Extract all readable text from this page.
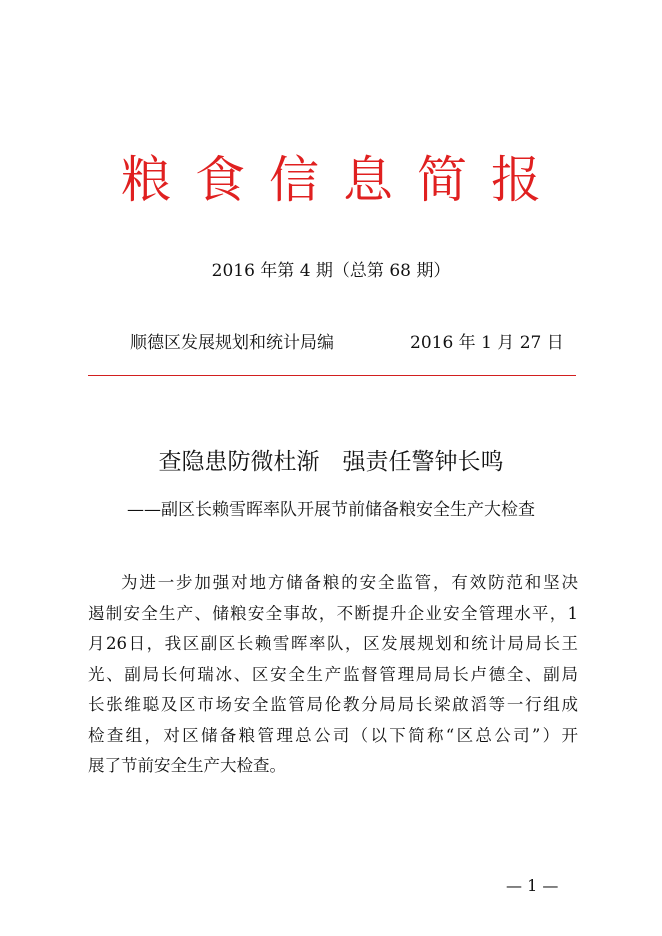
粮食信息简报
2016 年第 4 期（总第 68 期）
顺德区发展规划和统计局编	2016 年 1 月 27 日
查隐患防微杜渐　强责任警钟长鸣
——副区长赖雪晖率队开展节前储备粮安全生产大检查
为进一步加强对地方储备粮的安全监管，有效防范和坚决
遏制安全生产、储粮安全事故，不断提升企业安全管理水平，1
月26日，我区副区长赖雪晖率队，区发展规划和统计局局长王
光、副局长何瑞冰、区安全生产监督管理局局长卢德全、副局
长张维聪及区市场安全监管局伦教分局局长梁啟滔等一行组成
检查组，对区储备粮管理总公司（以下简称“区总公司”）开
展了节前安全生产大检查。
— 1 —
